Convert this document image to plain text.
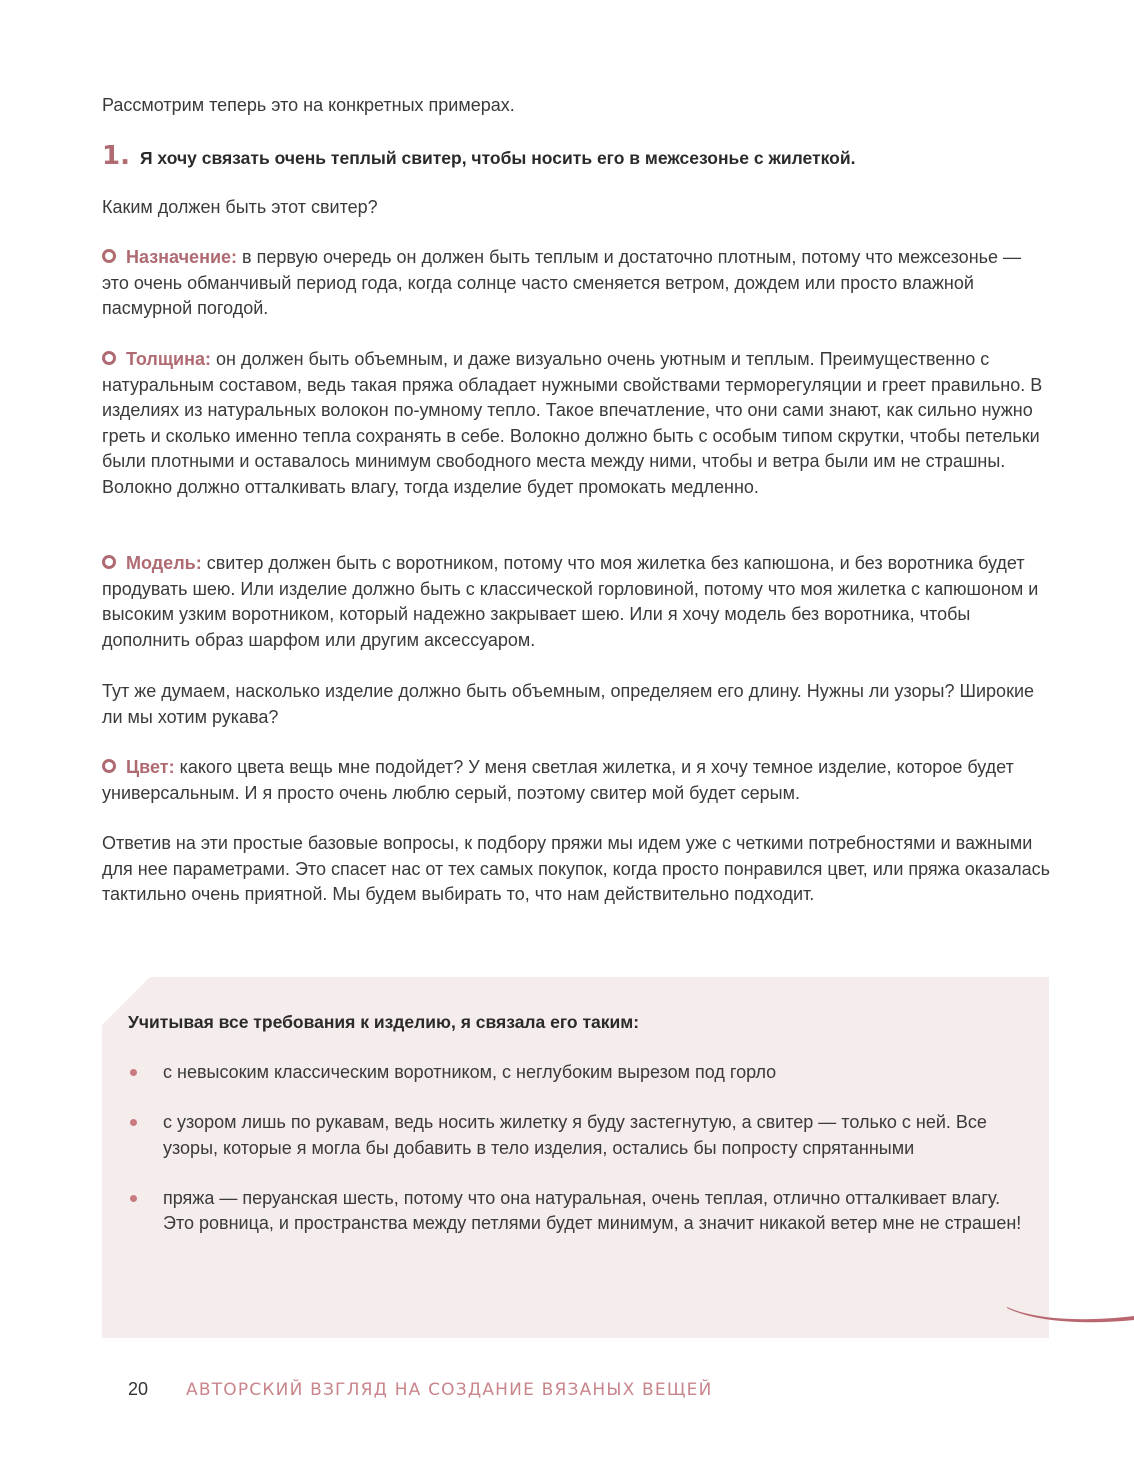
Рассмотрим теперь это на конкретных примерах.

1. Я хочу связать очень теплый свитер, чтобы носить его в межсезонье с жилеткой.

Каким должен быть этот свитер?

Назначение: в первую очередь он должен быть теплым и достаточно плотным, потому что межсезонье — это очень обманчивый период года, когда солнце часто сменяется ветром, дождем или просто влажной пасмурной погодой.

Толщина: он должен быть объемным, и даже визуально очень уютным и теплым. Преимущественно с натуральным составом, ведь такая пряжа обладает нужными свойствами терморегуляции и греет правильно. В изделиях из натуральных волокон по-умному тепло. Такое впечатление, что они сами знают, как сильно нужно греть и сколько именно тепла сохранять в себе. Волокно должно быть с особым типом скрутки, чтобы петельки были плотными и оставалось минимум свободного места между ними, чтобы и ветра были им не страшны. Волокно должно отталкивать влагу, тогда изделие будет промокать медленно.

Модель: свитер должен быть с воротником, потому что моя жилетка без капюшона, и без воротника будет продувать шею. Или изделие должно быть с классической горловиной, потому что моя жилетка с капюшоном и высоким узким воротником, который надежно закрывает шею. Или я хочу модель без воротника, чтобы дополнить образ шарфом или другим аксессуаром.

Тут же думаем, насколько изделие должно быть объемным, определяем его длину. Нужны ли узоры? Широкие ли мы хотим рукава?

Цвет: какого цвета вещь мне подойдет? У меня светлая жилетка, и я хочу темное изделие, которое будет универсальным. И я просто очень люблю серый, поэтому свитер мой будет серым.

Ответив на эти простые базовые вопросы, к подбору пряжи мы идем уже с четкими потребностями и важными для нее параметрами. Это спасет нас от тех самых покупок, когда просто понравился цвет, или пряжа оказалась тактильно очень приятной. Мы будем выбирать то, что нам действительно подходит.

Учитывая все требования к изделию, я связала его таким:
с невысоким классическим воротником, с неглубоким вырезом под горло
с узором лишь по рукавам, ведь носить жилетку я буду застегнутую, а свитер — только с ней. Все узоры, которые я могла бы добавить в тело изделия, остались бы попросту спрятанными
пряжа — перуанская шесть, потому что она натуральная, очень теплая, отлично отталкивает влагу. Это ровница, и пространства между петлями будет минимум, а значит никакой ветер мне не страшен!
20 АВТОРСКИЙ ВЗГЛЯД НА СОЗДАНИЕ ВЯЗАНЫХ ВЕЩЕЙ
